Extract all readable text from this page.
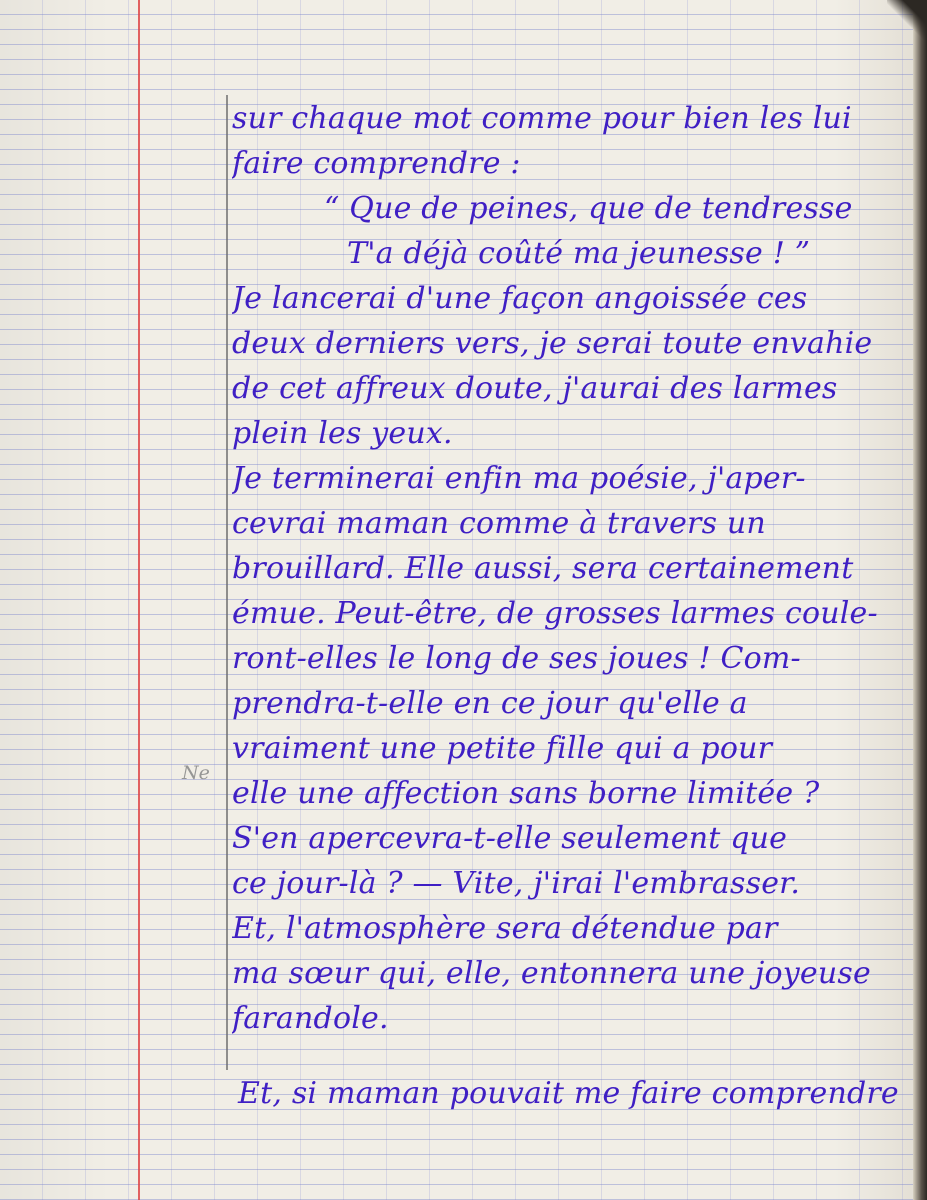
Ne
sur chaque mot comme pour bien les lui
faire comprendre :
“ Que de peines, que de tendresse
T'a déjà coûté ma jeunesse ! ”
Je lancerai d'une façon angoissée ces
deux derniers vers, je serai toute envahie
de cet affreux doute, j'aurai des larmes
plein les yeux.
Je terminerai enfin ma poésie, j'aper-
cevrai maman comme à travers un
brouillard. Elle aussi, sera certainement
émue. Peut-être, de grosses larmes coule-
ront-elles le long de ses joues ! Com-
prendra-t-elle en ce jour qu'elle a
vraiment une petite fille qui a pour
elle une affection sans borne limitée ?
S'en apercevra-t-elle seulement que
ce jour-là ? — Vite, j'irai l'embrasser.
Et, l'atmosphère sera détendue par
ma sœur qui, elle, entonnera une joyeuse
farandole.
Et, si maman pouvait me faire comprendre
